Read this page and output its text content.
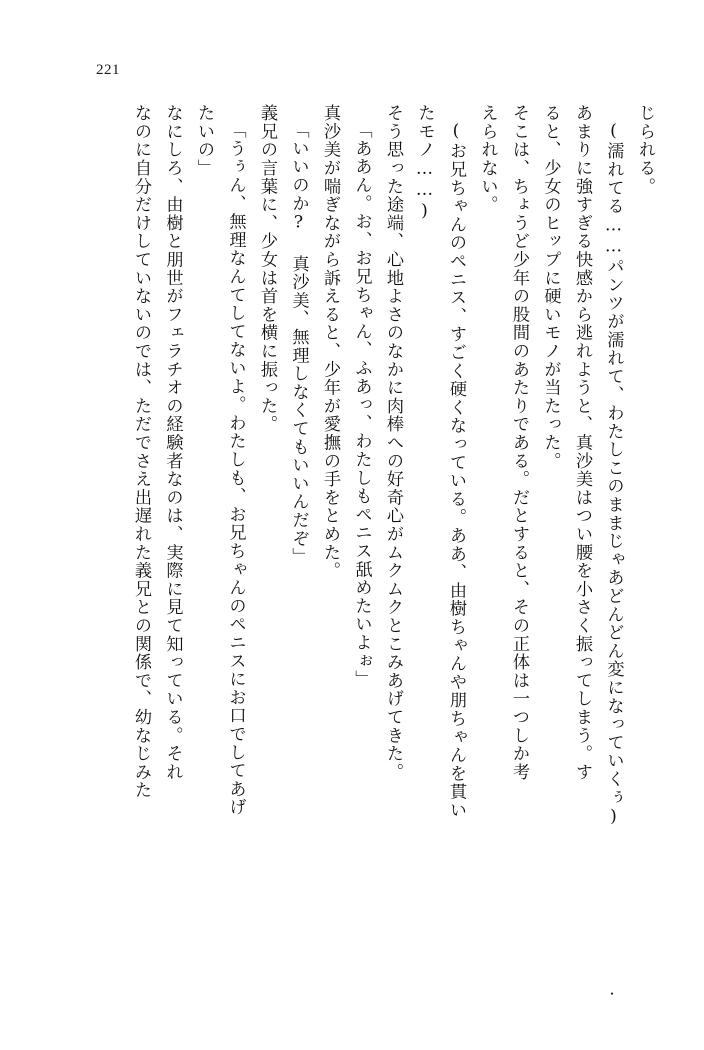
221

じられる。

(濡れてる……パンツが濡れて、わたしこのままじゃあどんどん変になっていくぅ)

あまりに強すぎる快感から逃れようと、真沙美はつい腰を小さく振ってしまう。す

ると、少女のヒップに硬いモノが当たった。

そこは、ちょうど少年の股間のあたりである。だとすると、その正体は一つしか考

えられない。

(お兄ちゃんのペニス、すごく硬くなっている。ああ、由樹ちゃんや朋ちゃんを貫い

たモノ……)

そう思った途端、心地よさのなかに肉棒への好奇心がムクムクとこみあげてきた。

「ああん。お、お兄ちゃん、ふあっ、わたしもペニス舐めたいよぉ」

真沙美が喘ぎながら訴えると、少年が愛撫の手をとめた。

「いいのか? 真沙美、無理しなくてもいいんだぞ」

義兄の言葉に、少女は首を横に振った。

「うぅん、無理なんてしてないよ。わたしも、お兄ちゃんのペニスにお口でしてあげ

たいの」

なにしろ、由樹と朋世がフェラチオの経験者なのは、実際に見て知っている。それ

なのに自分だけしていないのでは、ただでさえ出遅れた義兄との関係で、幼なじみた

・
